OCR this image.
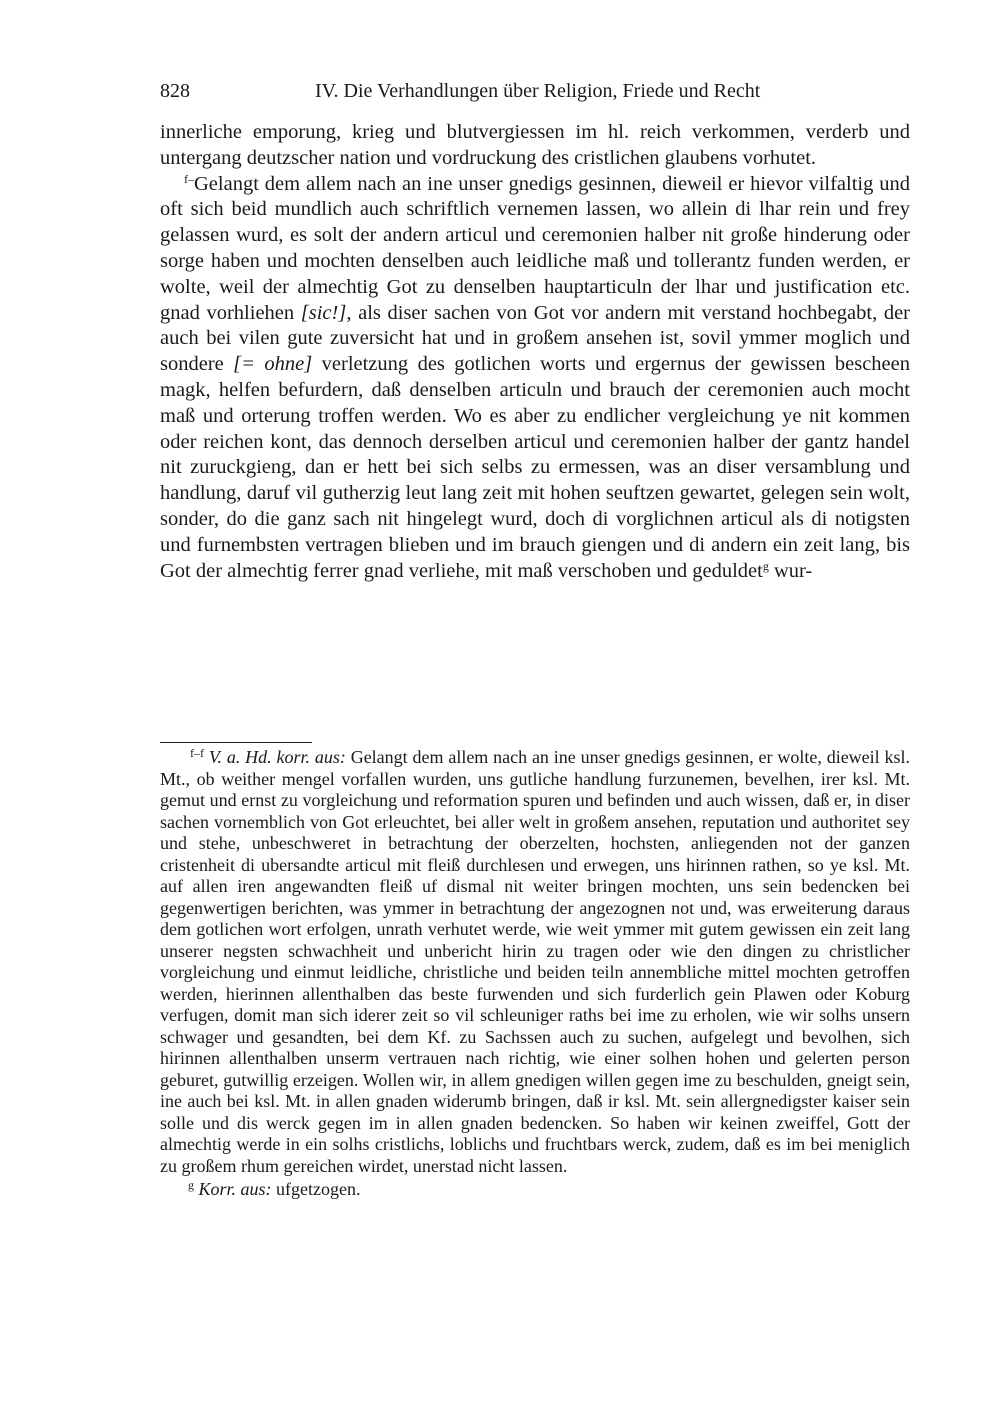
828	IV. Die Verhandlungen über Religion, Friede und Recht

innerliche emporung, krieg und blutvergiessen im hl. reich verkommen, verderb und untergang deutzscher nation und vordruckung des cristlichen glaubens vorhutet.

$^{f-}$Gelangt dem allem nach an ine unser gnedigs gesinnen, dieweil er hievor vilfaltig und oft sich beid mundlich auch schriftlich vernemen lassen, wo allein di lhar rein und frey gelassen wurd, es solt der andern articul und ceremonien halber nit große hinderung oder sorge haben und mochten denselben auch leidliche maß und tollerantz funden werden, er wolte, weil der almechtig Got zu denselben hauptarticuln der lhar und justification etc. gnad vorhliehen [sic!], als diser sachen von Got vor andern mit verstand hochbegabt, der auch bei vilen gute zuversicht hat und in großem ansehen ist, sovil ymmer moglich und sondere [= ohne] verletzung des gotlichen worts und ergernus der gewissen bescheen magk, helfen befurdern, daß denselben articuln und brauch der ceremonien auch mocht maß und orterung troffen werden. Wo es aber zu endlicher vergleichung ye nit kommen oder reichen kont, das dennoch derselben articul und ceremonien halber der gantz handel nit zuruckgieng, dan er hett bei sich selbs zu ermessen, was an diser versamblung und handlung, daruf vil gutherzig leut lang zeit mit hohen seuftzen gewartet, gelegen sein wolt, sonder, do die ganz sach nit hingelegt wurd, doch di vorglichnen articul als di notigsten und furnembsten vertragen blieben und im brauch giengen und di andern ein zeit lang, bis Got der almechtig ferrer gnad verliehe, mit maß verschoben und geduldet$^g$ wur-

$^{f-f}$ V. a. Hd. korr. aus: Gelangt dem allem nach an ine unser gnedigs gesinnen, er wolte, dieweil ksl. Mt., ob weither mengel vorfallen wurden, uns gutliche handlung furzunemen, bevelhen, irer ksl. Mt. gemut und ernst zu vorgleichung und reformation spuren und befinden und auch wissen, daß er, in diser sachen vornemblich von Got erleuchtet, bei aller welt in großem ansehen, reputation und authoritet sey und stehe, unbeschweret in betrachtung der oberzelten, hochsten, anliegenden not der ganzen cristenheit di ubersandte articul mit fleiß durchlesen und erwegen, uns hirinnen rathen, so ye ksl. Mt. auf allen iren angewandten fleiß uf dismal nit weiter bringen mochten, uns sein bedencken bei gegenwertigen berichten, was ymmer in betrachtung der angezognen not und, was erweiterung daraus dem gotlichen wort erfolgen, unrath verhutet werde, wie weit ymmer mit gutem gewissen ein zeit lang unserer negsten schwachheit und unbericht hirin zu tragen oder wie den dingen zu christlicher vorgleichung und einmut leidliche, christliche und beiden teiln annembliche mittel mochten getroffen werden, hierinnen allenthalben das beste furwenden und sich furderlich gein Plawen oder Koburg verfugen, domit man sich iderer zeit so vil schleuniger raths bei ime zu erholen, wie wir solhs unsern schwager und gesandten, bei dem Kf. zu Sachssen auch zu suchen, aufgelegt und bevolhen, sich hirinnen allenthalben unserm vertrauen nach richtig, wie einer solhen hohen und gelerten person geburet, gutwillig erzeigen. Wollen wir, in allem gnedigen willen gegen ime zu beschulden, gneigt sein, ine auch bei ksl. Mt. in allen gnaden widerumb bringen, daß ir ksl. Mt. sein allergnedigster kaiser sein solle und dis werck gegen im in allen gnaden bedencken. So haben wir keinen zweiffel, Gott der almechtig werde in ein solhs cristlichs, loblichs und fruchtbars werck, zudem, daß es im bei meniglich zu großem rhum gereichen wirdet, unerstad nicht lassen.

$^g$ Korr. aus: ufgetzogen.
